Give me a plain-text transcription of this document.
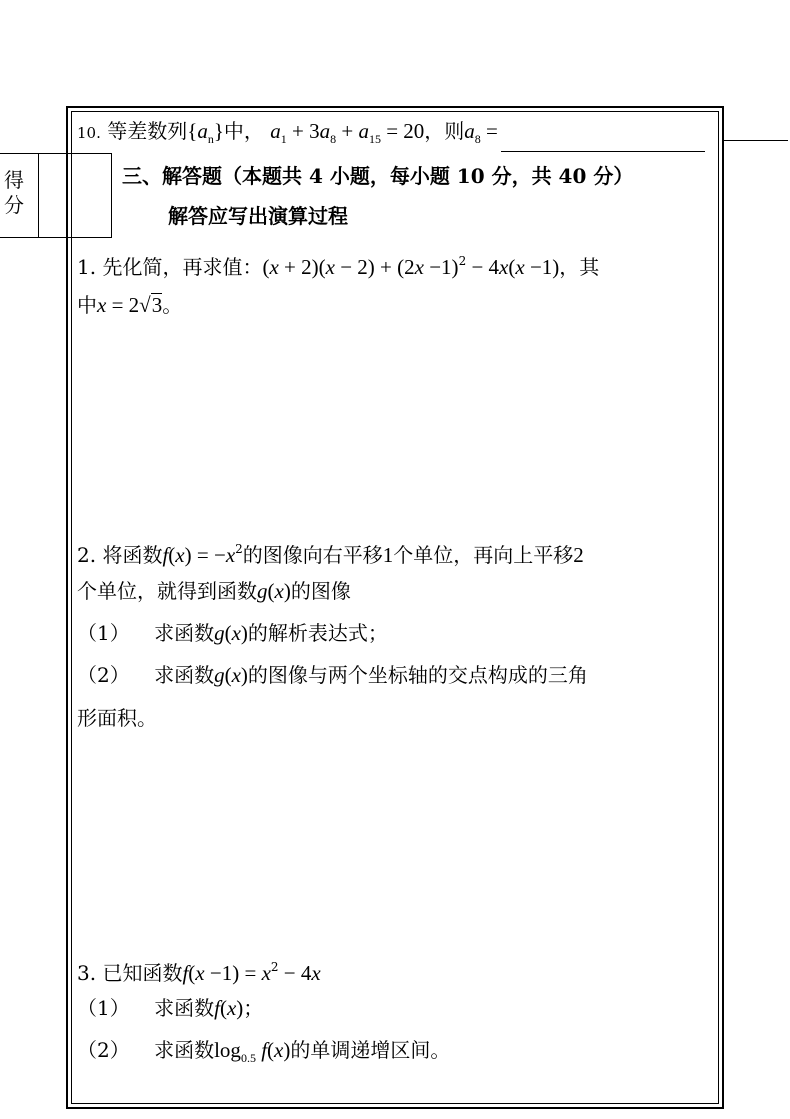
10. 等差数列$\{a_n\}$中， $a_1 + 3a_8 + a_{15} = 20$，则$a_8$ =
得分
三、解答题（本题共 4 小题，每小题 10 分，共 40 分）
解答应写出演算过程
1. 先化简，再求值：$(x + 2)(x - 2) + (2x -1)^2 - 4x(x -1)$，其
中x = 2√3。
2. 将函数$f(x) = -x^2$的图像向右平移1个单位，再向上平移2
个单位，就得到函数g(x)的图像
（1） 求函数g(x)的解析表达式；
（2） 求函数g(x)的图像与两个坐标轴的交点构成的三角
形面积。
3. 已知函数$f(x -1) = x^2 - 4x$
（1） 求函数f(x)；
（2） 求函数$\log_{0.5} f(x)$的单调递增区间。
